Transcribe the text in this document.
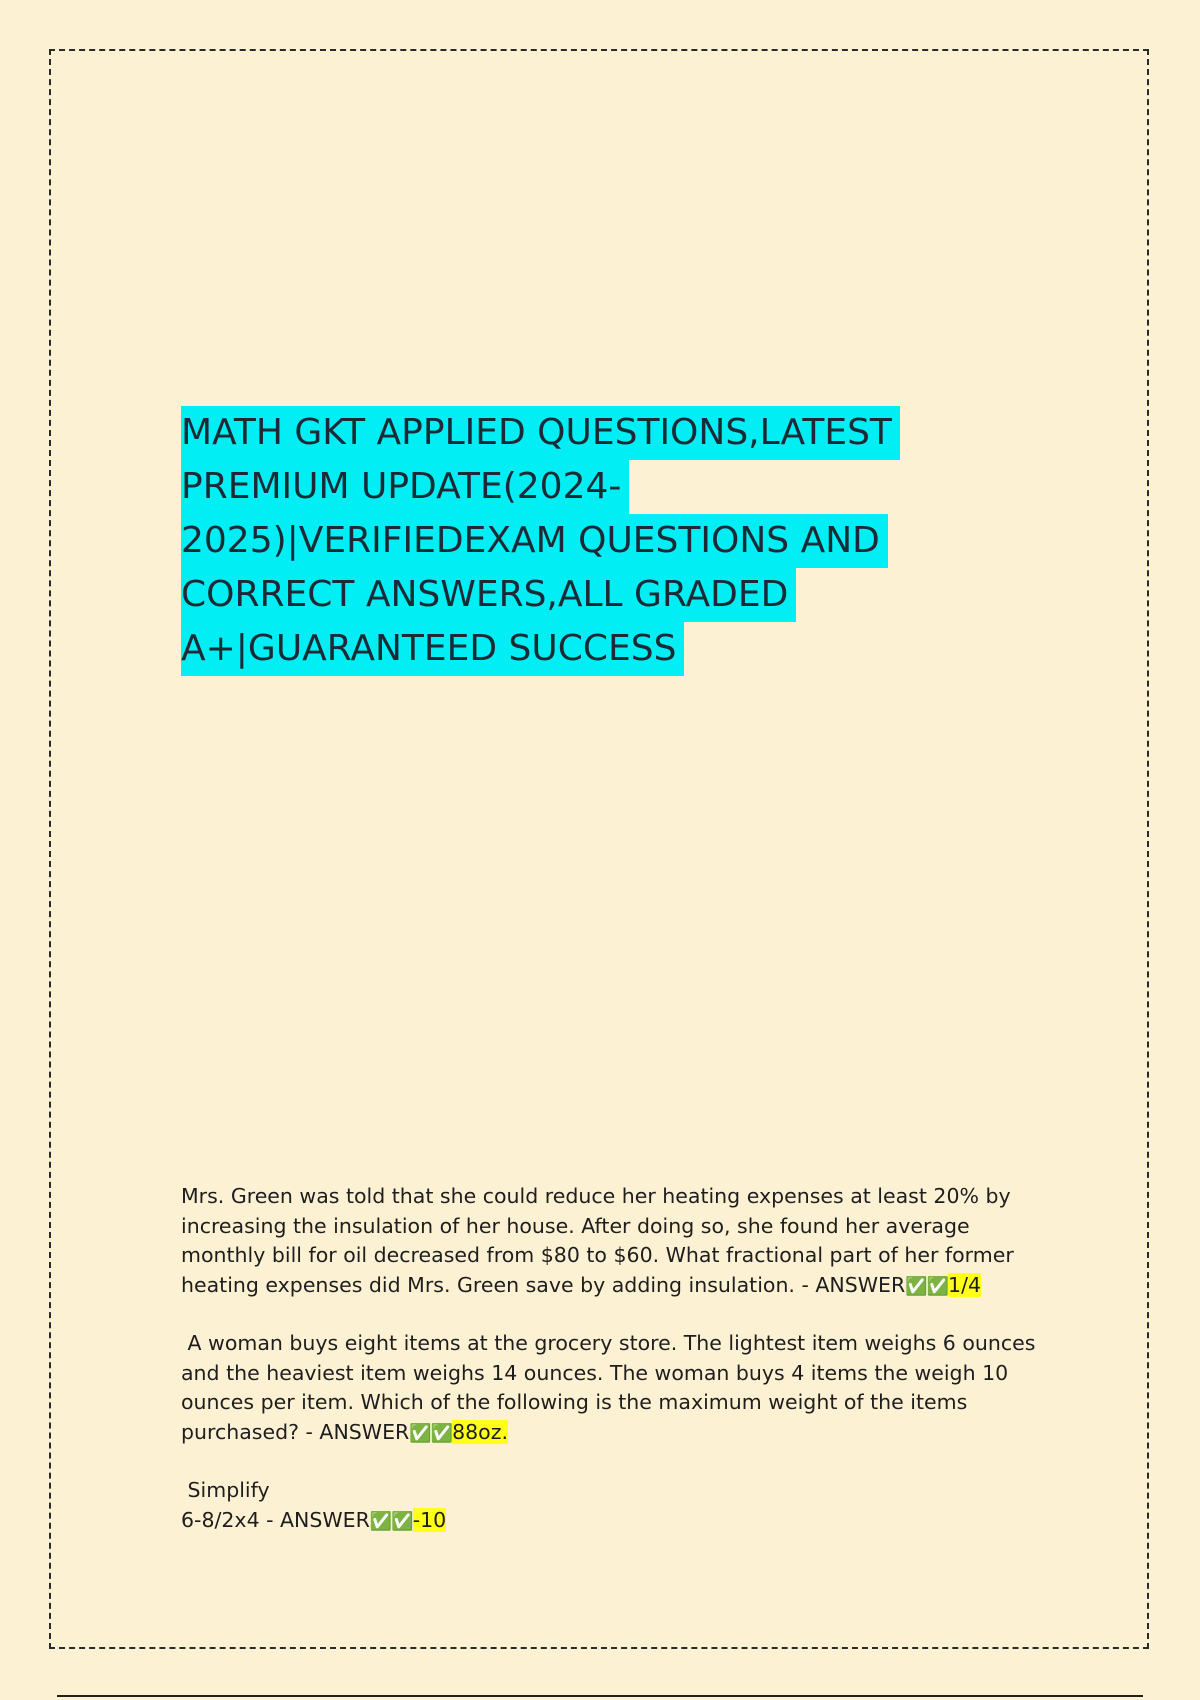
MATH GKT APPLIED QUESTIONS,LATEST
PREMIUM UPDATE(2024-
2025)|VERIFIEDEXAM QUESTIONS AND
CORRECT ANSWERS,ALL GRADED
A+|GUARANTEED SUCCESS

Mrs. Green was told that she could reduce her heating expenses at least 20% by
increasing the insulation of her house. After doing so, she found her average
monthly bill for oil decreased from $80 to $60. What fractional part of her former
heating expenses did Mrs. Green save by adding insulation. - ANSWER✅✅1/4

A woman buys eight items at the grocery store. The lightest item weighs 6 ounces
and the heaviest item weighs 14 ounces. The woman buys 4 items the weigh 10
ounces per item. Which of the following is the maximum weight of the items
purchased? - ANSWER✅✅88oz.

Simplify
6-8/2x4 - ANSWER✅✅-10
